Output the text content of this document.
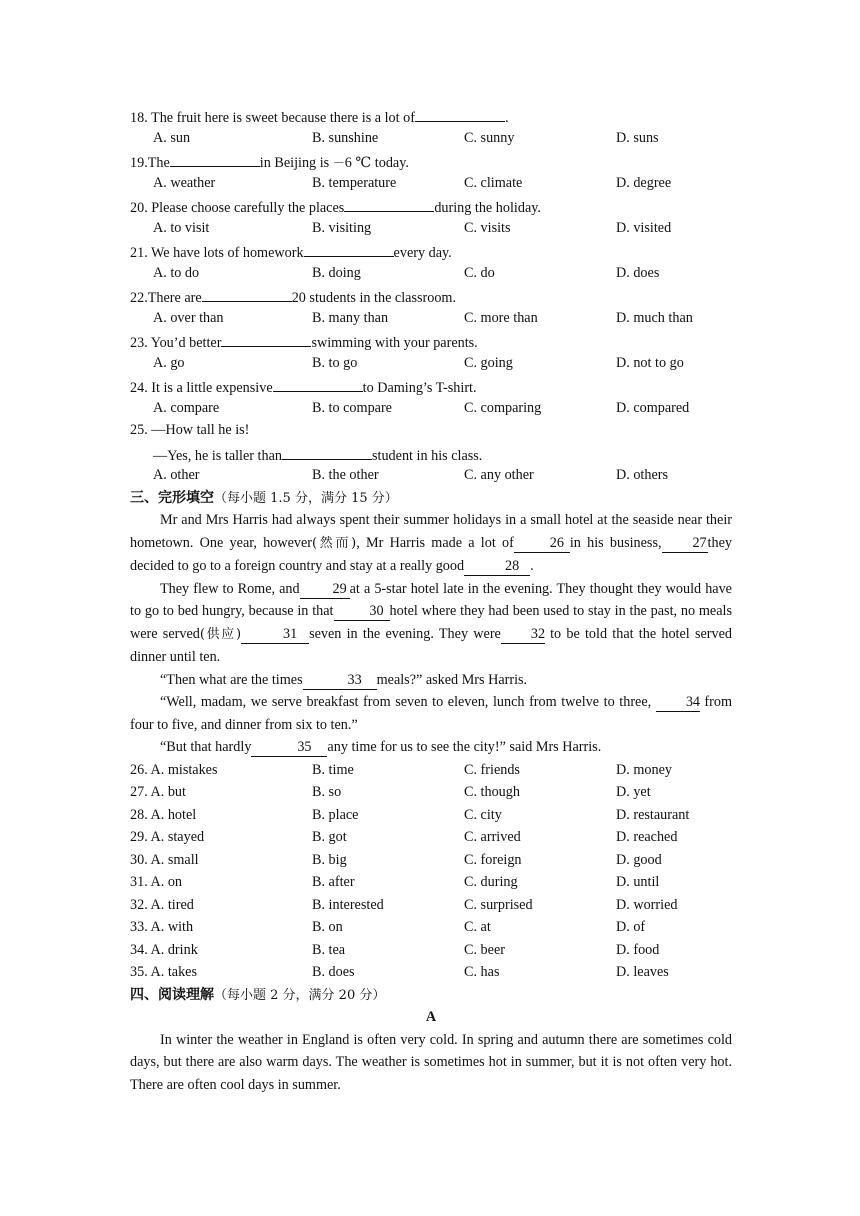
18. The fruit here is sweet because there is a lot of	.
A. sun	B. sunshine	C. sunny	D. suns
19.The	in Beijing is －6 ℃ today.
A. weather	B. temperature	C. climate	D. degree
20. Please choose carefully the places	during the holiday.
A. to visit	B. visiting	C. visits	D. visited
21. We have lots of homework	every day.
A. to do	B. doing	C. do	D. does
22.There are	20 students in the classroom.
A. over than	B. many than	C. more than	D. much than
23. You’d better	swimming with your parents.
A. go	B. to go	C. going	D. not to go
24. It is a little expensive	to Daming’s T-shirt.
A. compare	B. to compare	C. comparing	D. compared
25. —How tall he is!
—Yes, he is taller than	student in his class.
A. other	B. the other	C. any other	D. others
三、完形填空（每小题 1.5 分，满分 15 分）

Mr and Mrs Harris had always spent their summer holidays in a small hotel at the seaside near their hometown. One year, however(然而), Mr Harris made a lot of	26 in his business, 27they decided to go to a foreign country and stay at a really good	28 .

They flew to Rome, and 29 at a 5-star hotel late in the evening. They thought they would have to go to bed hungry, because in that	30 hotel where they had been used to stay in the past, no meals were served(供应)	31 seven in the evening. They were 32 to be told that the hotel served dinner until ten.

“Then what are the times	33 meals?” asked Mrs Harris.

“Well, madam, we serve breakfast from seven to eleven, lunch from twelve to three, 34 from four to five, and dinner from six to ten.”

“But that hardly	35 any time for us to see the city!” said Mrs Harris.

26. A. mistakes	B. time	C. friends	D. money
27. A. but	B. so	C. though	D. yet
28. A. hotel	B. place	C. city	D. restaurant
29. A. stayed	B. got	C. arrived	D. reached
30. A. small	B. big	C. foreign	D. good
31. A. on	B. after	C. during	D. until
32. A. tired	B. interested	C. surprised	D. worried
33. A. with	B. on	C. at	D. of
34. A. drink	B. tea	C. beer	D. food
35. A. takes	B. does	C. has	D. leaves
四、阅读理解（每小题 2 分，满分 20 分）
A

In winter the weather in England is often very cold. In spring and autumn there are sometimes cold days, but there are also warm days. The weather is sometimes hot in summer, but it is not often very hot. There are often cool days in summer.
